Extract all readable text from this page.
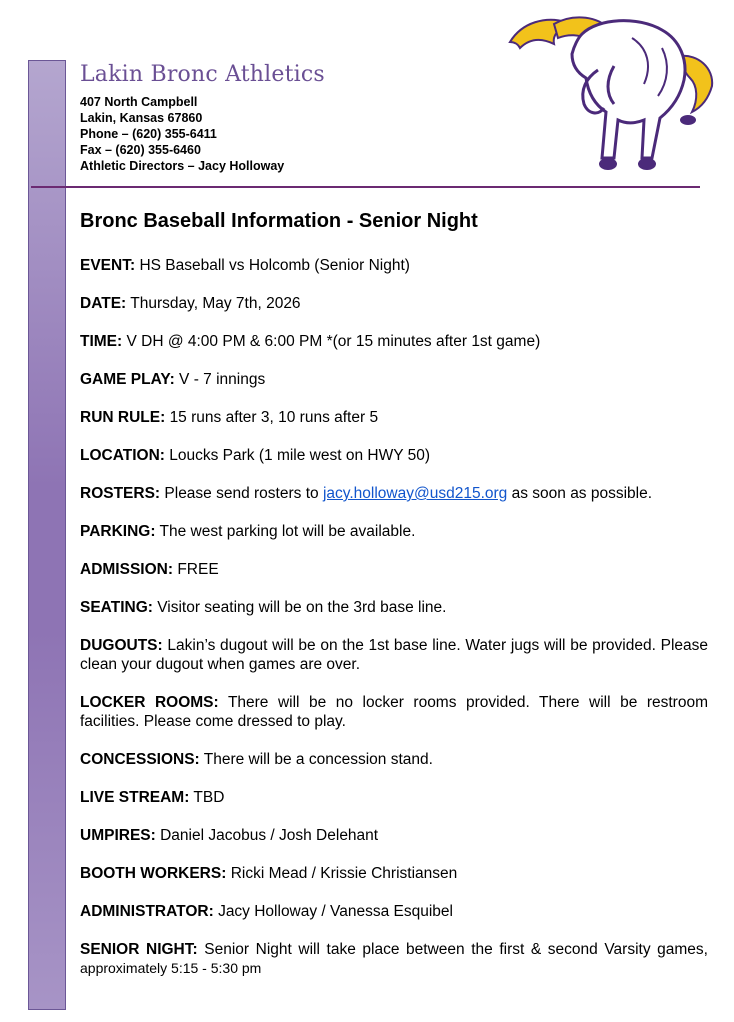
Lakin Bronc Athletics
407 North Campbell
Lakin, Kansas 67860
Phone – (620) 355-6411
Fax – (620) 355-6460
Athletic Directors – Jacy Holloway
Bronc Baseball Information - Senior Night
EVENT: HS Baseball vs Holcomb (Senior Night)
DATE: Thursday, May 7th, 2026
TIME: V DH @ 4:00 PM & 6:00 PM *(or 15 minutes after 1st game)
GAME PLAY: V - 7 innings
RUN RULE: 15 runs after 3, 10 runs after 5
LOCATION: Loucks Park (1 mile west on HWY 50)
ROSTERS: Please send rosters to jacy.holloway@usd215.org as soon as possible.
PARKING: The west parking lot will be available.
ADMISSION: FREE
SEATING: Visitor seating will be on the 3rd base line.
DUGOUTS: Lakin’s dugout will be on the 1st base line. Water jugs will be provided. Please clean your dugout when games are over.
LOCKER ROOMS: There will be no locker rooms provided. There will be restroom facilities. Please come dressed to play.
CONCESSIONS: There will be a concession stand.
LIVE STREAM: TBD
UMPIRES: Daniel Jacobus / Josh Delehant
BOOTH WORKERS: Ricki Mead / Krissie Christiansen
ADMINISTRATOR: Jacy Holloway / Vanessa Esquibel
SENIOR NIGHT: Senior Night will take place between the first & second Varsity games, approximately 5:15 - 5:30 pm
